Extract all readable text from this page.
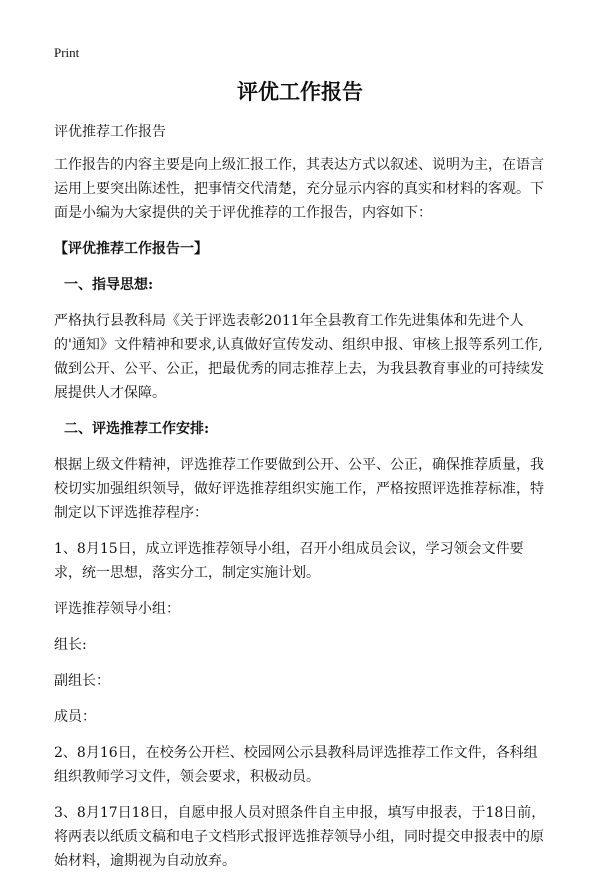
Print
评优工作报告

评优推荐工作报告

工作报告的内容主要是向上级汇报工作，其表达方式以叙述、说明为主，在语言运用上要突出陈述性，把事情交代清楚，充分显示内容的真实和材料的客观。下面是小编为大家提供的关于评优推荐的工作报告，内容如下：

【评优推荐工作报告一】

一、指导思想:

严格执行县教科局《关于评选表彰2011年全县教育工作先进集体和先进个人的'通知》文件精神和要求,认真做好宣传发动、组织申报、审核上报等系列工作,做到公开、公平、公正，把最优秀的同志推荐上去，为我县教育事业的可持续发展提供人才保障。

二、评选推荐工作安排:

根据上级文件精神，评选推荐工作要做到公开、公平、公正，确保推荐质量，我校切实加强组织领导，做好评选推荐组织实施工作，严格按照评选推荐标准，特制定以下评选推荐程序：

1、8月15日，成立评选推荐领导小组，召开小组成员会议，学习领会文件要求，统一思想，落实分工，制定实施计划。

评选推荐领导小组：

组长:

副组长：

成员：

2、8月16日，在校务公开栏、校园网公示县教科局评选推荐工作文件，各科组组织教师学习文件，领会要求，积极动员。

3、8月17日18日，自愿申报人员对照条件自主申报，填写申报表，于18日前，将两表以纸质文稿和电子文档形式报评选推荐领导小组，同时提交申报表中的原始材料，逾期视为自动放弃。
